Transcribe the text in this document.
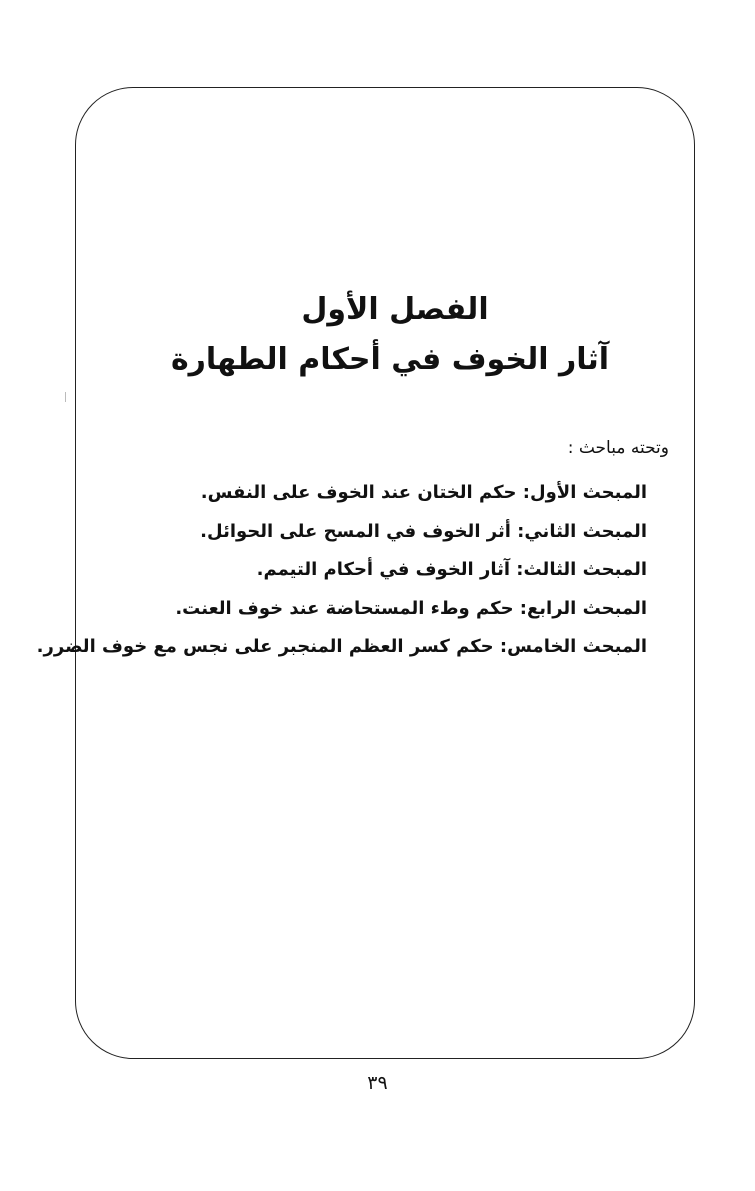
الفصل الأول
آثار الخوف في أحكام الطهارة
وتحته مباحث :
المبحث الأول: حكم الختان عند الخوف على النفس.
المبحث الثاني: أثر الخوف في المسح على الحوائل.
المبحث الثالث: آثار الخوف في أحكام التيمم.
المبحث الرابع: حكم وطء المستحاضة عند خوف العنت.
المبحث الخامس: حكم كسر العظم المنجبر على نجس مع خوف الضرر.
٣٩
